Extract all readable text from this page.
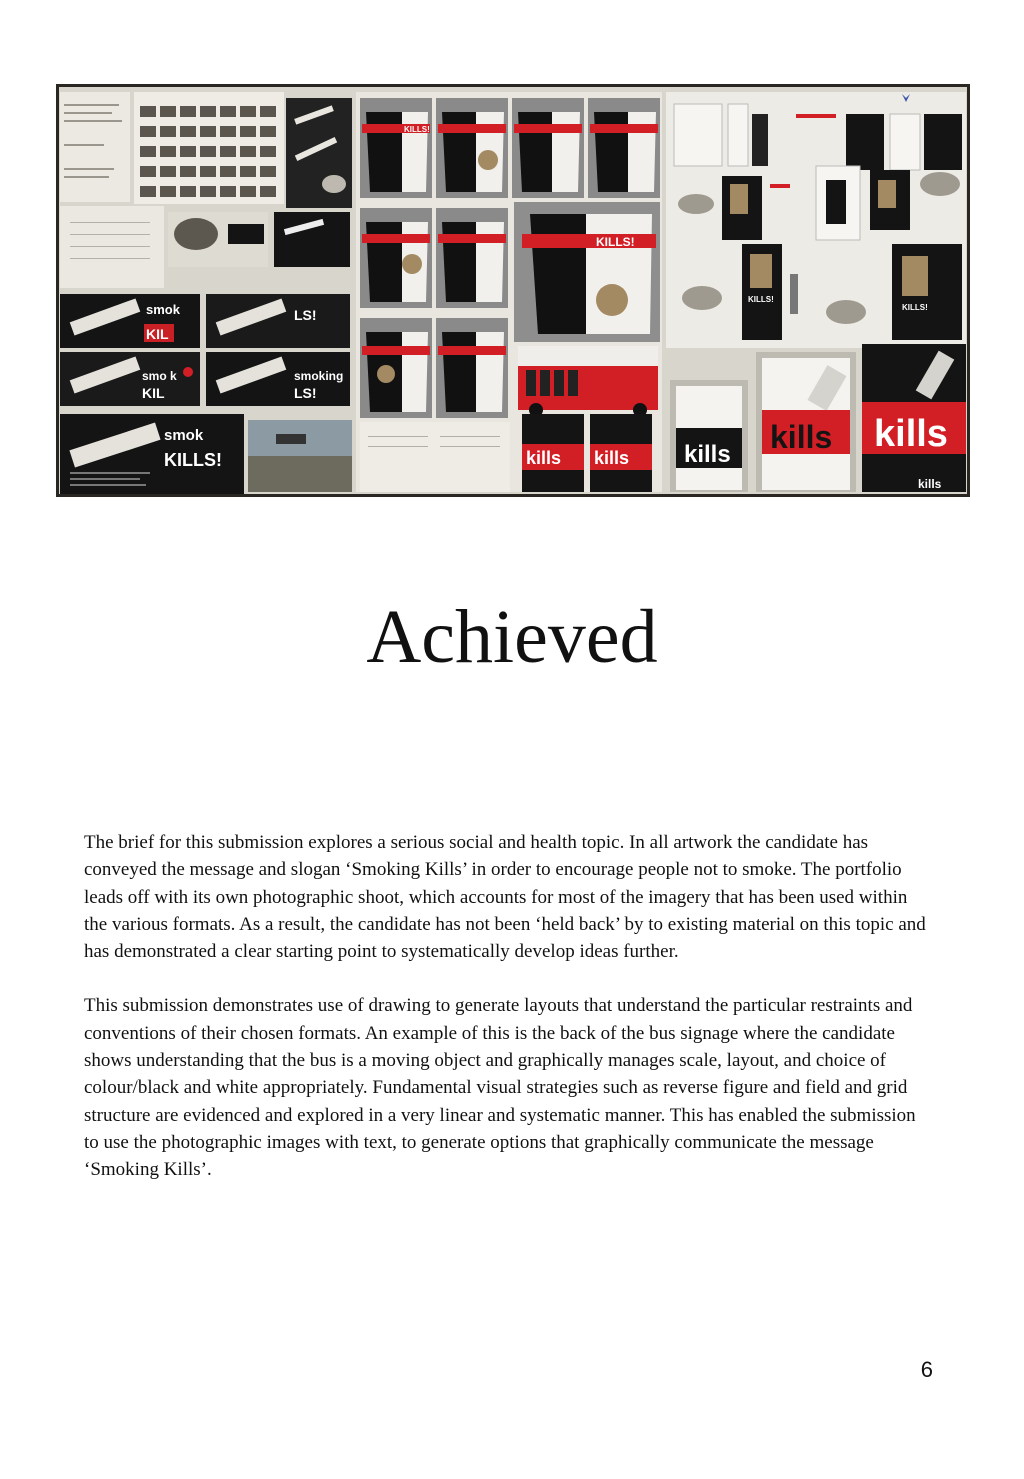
smok
KIL
LS!
smo k
KIL
smoking
LS!
smok
KILLS!
KILLS!
KILLS!
kills kills
KILLS!
KILLS!
kills kills kills
kills
Achieved

The brief for this submission explores a serious social and health topic. In all artwork the candidate has conveyed the message and slogan ‘Smoking Kills’ in order to encourage people not to smoke. The portfolio leads off with its own photographic shoot, which accounts for most of the imagery that has been used within the various formats. As a result, the candidate has not been ‘held back’ by to existing material on this topic and has demonstrated a clear starting point to systematically develop ideas further.

This submission demonstrates use of drawing to generate layouts that understand the particular restraints and conventions of their chosen formats. An example of this is the back of the bus signage where the candidate shows understanding that the bus is a moving object and graphically manages scale, layout, and choice of colour/black and white appropriately. Fundamental visual strategies such as reverse figure and field and grid structure are evidenced and explored in a very linear and systematic manner. This has enabled the submission to use the photographic images with text, to generate options that graphically communicate the message ‘Smoking Kills’.

6
